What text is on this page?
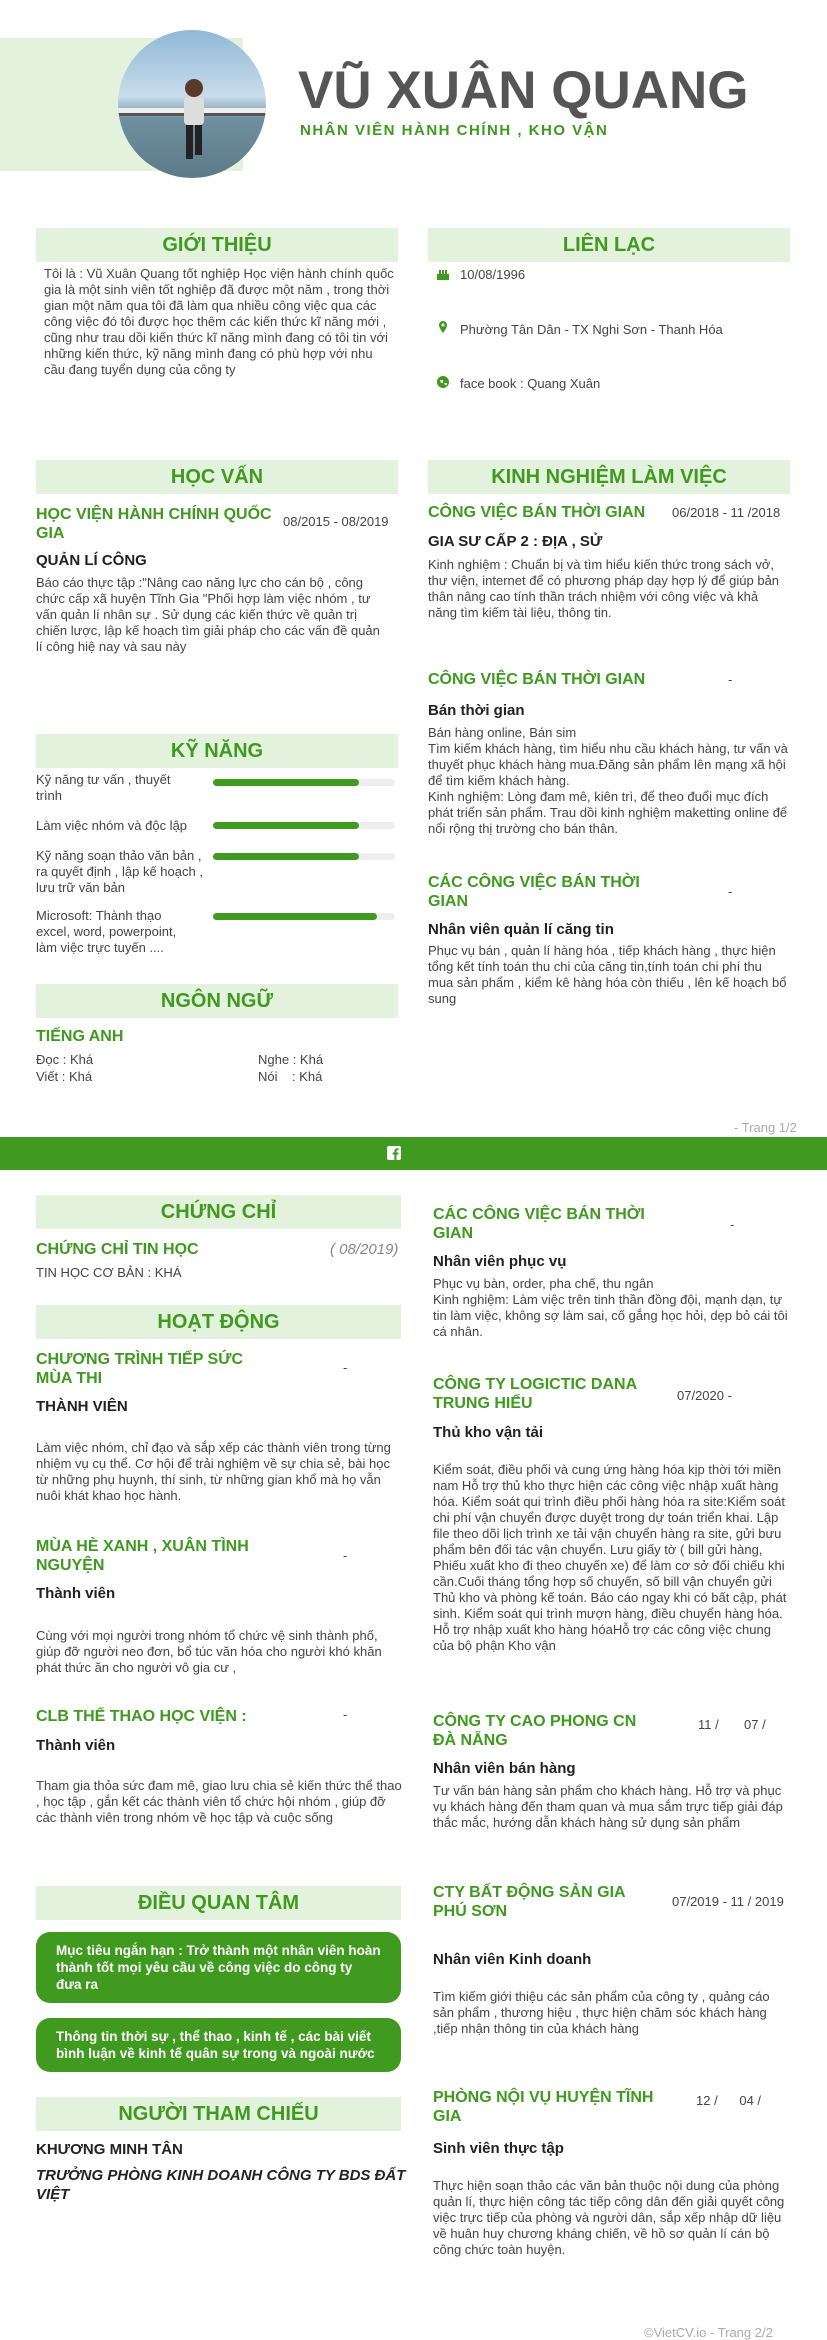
VŨ XUÂN QUANG
NHÂN VIÊN HÀNH CHÍNH , KHO VẬN
GIỚI THIỆU
Tôi là : Vũ Xuân Quang tốt nghiệp Học viện hành chính quốc gia là một sinh viên tốt nghiệp đã được một năm , trong thời gian một năm qua tôi đã làm qua nhiều công việc qua các công việc đó tôi được học thêm các kiến thức kĩ năng mới , cũng như trau dồi kiến thức kĩ năng mình đang có tôi tin với những kiến thức, kỹ năng mình đang có phù hợp với nhu cầu đang tuyển dụng của công ty
LIÊN LẠC
10/08/1996
Phường Tân Dân - TX Nghi Sơn - Thanh Hóa
face book : Quang Xuân
HỌC VẤN
HỌC VIỆN HÀNH CHÍNH QUỐC GIA
08/2015 - 08/2019
QUẢN LÍ CÔNG
Báo cáo thực tập :"Nâng cao năng lực cho cán bộ , công chức cấp xã huyện Tĩnh Gia "Phối hợp làm việc nhóm , tư vấn quản lí nhân sự . Sử dụng các kiến thức về quản trị chiến lược, lập kế hoạch tìm giải pháp cho các vấn đề quản lí công hiệ nay và sau này
KỸ NĂNG
Kỹ năng tư vấn , thuyết trình
Làm việc nhóm và độc lập
Kỹ năng soạn thảo văn bản , ra quyết định , lập kế hoạch , lưu trữ văn bản
Microsoft: Thành thạo excel, word, powerpoint, làm việc trực tuyến ....
NGÔN NGỮ
TIẾNG ANH
Đọc : Khá	Nghe : Khá
Viết : Khá	Nói    : Khá
KINH NGHIỆM LÀM VIỆC
CÔNG VIỆC BÁN THỜI GIAN	06/2018 - 11 /2018
GIA SƯ CẤP 2 : ĐỊA , SỬ
Kinh nghiệm : Chuẩn bị và tìm hiểu kiến thức trong sách vở, thư viện, internet để có phương pháp dạy hợp lý để giúp bản thân nâng cao tính thần trách nhiệm với công việc và khả năng tìm kiếm tài liệu, thông tin.
CÔNG VIỆC BÁN THỜI GIAN	-
Bán thời gian
Bán hàng online, Bán sim
Tìm kiếm khách hàng, tìm hiểu nhu cầu khách hàng, tư vấn và thuyết phục khách hàng mua.Đăng sản phẩm lên mạng xã hội để tìm kiếm khách hàng.
Kinh nghiệm: Lòng đam mê, kiên trì, để theo đuổi mục đích phát triển sản phẩm. Trau dồi kinh nghiệm maketting online để nổi rộng thị trường cho bán thân.
CÁC CÔNG VIỆC BÁN THỜI GIAN
-
Nhân viên quản lí căng tin
Phục vụ bán , quản lí hàng hóa , tiếp khách hàng , thực hiện tổng kết tính toán thu chi của căng tin,tính toán chi phí thu mua sản phẩm , kiểm kê hàng hóa còn thiếu , lên kế hoạch bổ sung
- Trang 1/2
CHỨNG CHỈ
CHỨNG CHỈ TIN HỌC	( 08/2019)
TIN HỌC CƠ BẢN : KHÁ
HOẠT ĐỘNG
CHƯƠNG TRÌNH TIẾP SỨC MÙA THI
-
THÀNH VIÊN
Làm việc nhóm, chỉ đạo và sắp xếp các thành viên trong từng nhiệm vụ cụ thể. Cơ hội để trải nghiệm về sự chia sẻ, bài học từ những phụ huynh, thí sinh, từ những gian khổ mà họ vẫn nuôi khát khao học hành.
MÙA HÈ XANH , XUÂN TÌNH NGUYỆN
-
Thành viên
Cùng với mọi người trong nhóm tổ chức vệ sinh thành phố, giúp đỡ người neo đơn, bổ túc văn hóa cho người khó khăn phát thức ăn cho người vô gia cư ,
CLB THỂ THAO HỌC VIỆN :	-
Thành viên
Tham gia thỏa sức đam mê, giao lưu chia sẻ kiến thức thể thao , học tập , gắn kết các thành viên tổ chức hội nhóm , giúp đỡ các thành viên trong nhóm về học tập và cuộc sống
ĐIỀU QUAN TÂM
Mục tiêu ngắn hạn : Trở thành một nhân viên hoàn thành tốt mọi yêu cầu về công việc do công ty đưa ra
Thông tin thời sự , thể thao , kinh tế , các bài viết bình luận về kinh tế quân sự trong và ngoài nước
NGƯỜI THAM CHIẾU
KHƯƠNG MINH TÂN
TRƯỞNG PHÒNG KINH DOANH CÔNG TY BDS ĐẤT VIỆT
CÁC CÔNG VIỆC BÁN THỜI GIAN
-
Nhân viên phục vụ
Phục vụ bàn, order, pha chế, thu ngân
Kinh nghiệm: Làm việc trên tinh thần đồng đội, mạnh dạn, tự tin làm việc, không sợ làm sai, cố gắng học hỏi, dẹp bỏ cái tôi cá nhân.
CÔNG TY LOGICTIC DANA TRUNG HIẾU	07/2020 -
Thủ kho vận tải
Kiểm soát, điều phối và cung ứng hàng hóa kịp thời tới miền nam Hỗ trợ thủ kho thực hiện các công việc nhập xuất hàng hóa. Kiểm soát qui trình điều phối hàng hóa ra site:Kiểm soát chi phí vận chuyển được duyệt trong dự toán triển khai. Lập file theo dõi lịch trình xe tải vận chuyển hàng ra site, gửi bưu phẩm bên đối tác vận chuyển. Lưu giấy tờ ( bill gửi hàng, Phiếu xuất kho đi theo chuyến xe) để làm cơ sở đối chiếu khi cần.Cuối tháng tổng hợp số chuyến, số bill vận chuyển gửi Thủ kho và phòng kế toán. Báo cáo ngay khi có bất cập, phát sinh. Kiểm soát qui trình mượn hàng, điều chuyển hàng hóa. Hỗ trợ nhập xuất kho hàng hóaHỗ trợ các công việc chung của bộ phận Kho vận
CÔNG TY CAO PHONG CN ĐÀ NẴNG
11 /       07 /
Nhân viên bán hàng
Tư vấn bán hàng sản phẩm cho khách hàng. Hỗ trợ và phục vụ khách hàng đến tham quan và mua sắm trực tiếp giải đáp thắc mắc, hướng dẫn khách hàng sử dụng sản phẩm
CTY BẤT ĐỘNG SẢN GIA PHÚ SƠN
07/2019 - 11 / 2019
Nhân viên Kinh doanh
Tìm kiếm giới thiệu các sản phẩm của công ty , quảng cáo sản phẩm , thương hiệu , thực hiện chăm sóc khách hàng ,tiếp nhận thông tin của khách hàng
PHÒNG NỘI VỤ HUYỆN TĨNH GIA
12 /      04 /
Sinh viên thực tập
Thực hiện soạn thảo các văn bản thuộc nội dung của phòng quản lí, thực hiện công tác tiếp công dân đến giải quyết công việc trực tiếp của phòng và người dân, sắp xếp nhập dữ liệu về huân huy chương kháng chiến, về hồ sơ quản lí cán bộ công chức toàn huyện.
©VietCV.io - Trang 2/2
